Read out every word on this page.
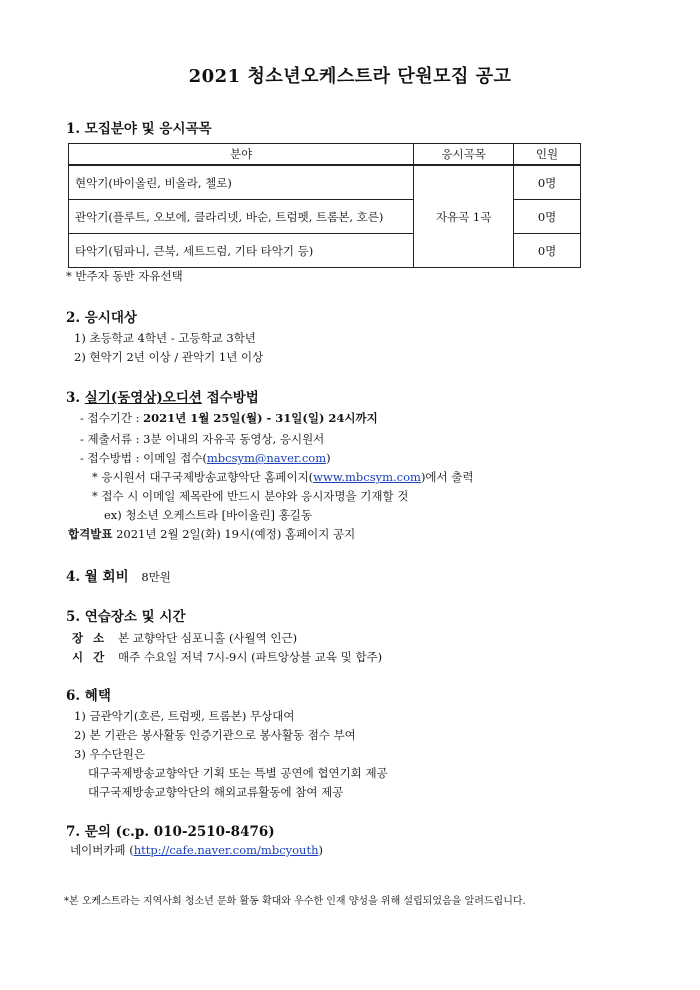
2021 청소년오케스트라 단원모집 공고
1. 모집분야 및 응시곡목
분야	응시곡목	인원
현악기(바이올린, 비올라, 첼로)	자유곡 1곡	0명
관악기(플루트, 오보에, 클라리넷, 바순, 트럼펫, 트롬본, 호른)		0명
타악기(팀파니, 큰북, 세트드럼, 기타 타악기 등)		0명
* 반주자 동반 자유선택
2. 응시대상
1) 초등학교 4학년 - 고등학교 3학년
2) 현악기 2년 이상 / 관악기 1년 이상
3. 실기(동영상)오디션 접수방법
- 접수기간 : 2021년 1월 25일(월) - 31일(일) 24시까지
- 제출서류 : 3분 이내의 자유곡 동영상, 응시원서
- 접수방법 : 이메일 접수(mbcsym@naver.com)
* 응시원서 대구국제방송교향악단 홈페이지(www.mbcsym.com)에서 출력
* 접수 시 이메일 제목란에 반드시 분야와 응시자명을 기재할 것
ex) 청소년 오케스트라 [바이올린] 홍길동
합격발표 2021년 2월 2일(화) 19시(예정) 홈페이지 공지
4. 월 회비 8만원
5. 연습장소 및 시간
장 소 본 교향악단 심포니홀 (사월역 인근)
시 간 매주 수요일 저녁 7시-9시 (파트앙상블 교육 및 합주)
6. 혜택
1) 금관악기(호른, 트럼펫, 트롬본) 무상대여
2) 본 기관은 봉사활동 인증기관으로 봉사활동 점수 부여
3) 우수단원은
대구국제방송교향악단 기획 또는 특별 공연에 협연기회 제공
대구국제방송교향악단의 해외교류활동에 참여 제공
7. 문의 (c.p. 010-2510-8476)
네이버카페 (http://cafe.naver.com/mbcyouth)
*본 오케스트라는 지역사회 청소년 문화 활동 확대와 우수한 인재 양성을 위해 설립되었음을 알려드립니다.
